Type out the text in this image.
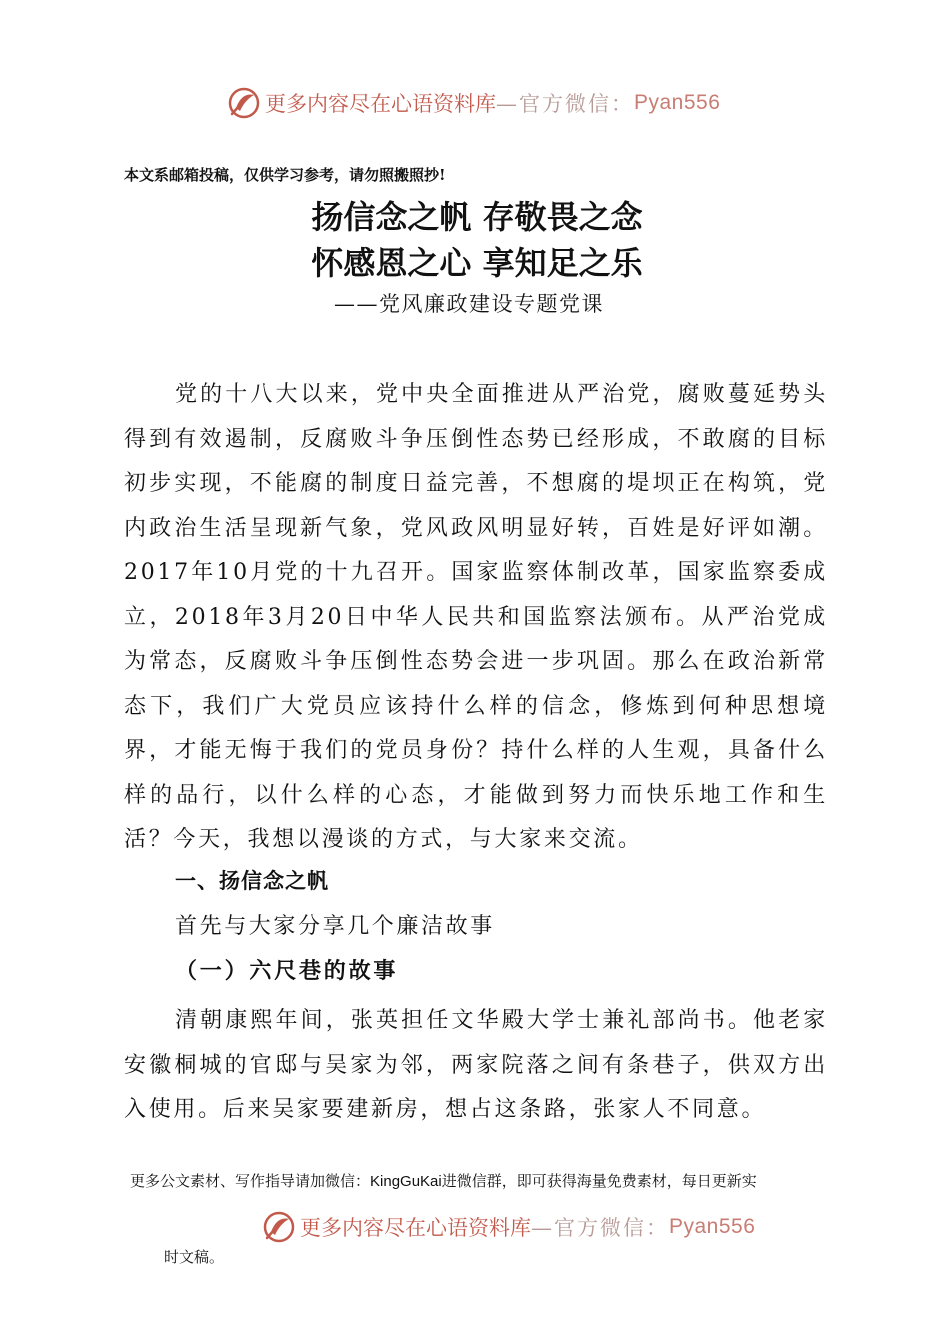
更多内容尽在心语资料库 —官方微信： Pyan556
本文系邮箱投稿，仅供学习参考，请勿照搬照抄!
扬信念之帆 存敬畏之念
怀感恩之心 享知足之乐
——党风廉政建设专题党课

党的十八大以来，党中央全面推进从严治党，腐败蔓延势头得到有效遏制，反腐败斗争压倒性态势已经形成，不敢腐的目标初步实现，不能腐的制度日益完善，不想腐的堤坝正在构筑，党内政治生活呈现新气象，党风政风明显好转，百姓是好评如潮。2017年10月党的十九召开。国家监察体制改革，国家监察委成立，2018年3月20日中华人民共和国监察法颁布。从严治党成为常态，反腐败斗争压倒性态势会进一步巩固。那么在政治新常态下，我们广大党员应该持什么样的信念，修炼到何种思想境界，才能无悔于我们的党员身份？持什么样的人生观，具备什么样的品行，以什么样的心态，才能做到努力而快乐地工作和生活？今天，我想以漫谈的方式，与大家来交流。

一、扬信念之帆
首先与大家分享几个廉洁故事
（一）六尺巷的故事

清朝康熙年间，张英担任文华殿大学士兼礼部尚书。他老家安徽桐城的官邸与吴家为邻，两家院落之间有条巷子，供双方出入使用。后来吴家要建新房，想占这条路，张家人不同意。

更多公文素材、写作指导请加微信：KingGuKai进微信群，即可获得海量免费素材，每日更新实
更多内容尽在心语资料库 —官方微信： Pyan556
时文稿。
